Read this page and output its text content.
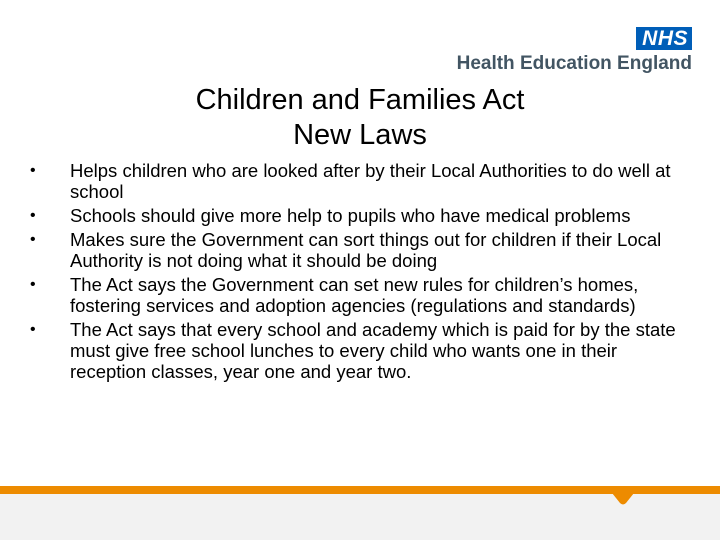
NHS
Health Education England
Children and Families Act
New Laws
• Helps children who are looked after by their Local Authorities to do well at school
• Schools should give more help to pupils who have medical problems
• Makes sure the Government can sort things out for children if their Local Authority is not doing what it should be doing
• The Act says the Government can set new rules for children’s homes, fostering services and adoption agencies (regulations and standards)
• The Act says that every school and academy which is paid for by the state must give free school lunches to every child who wants one in their reception classes, year one and year two.
